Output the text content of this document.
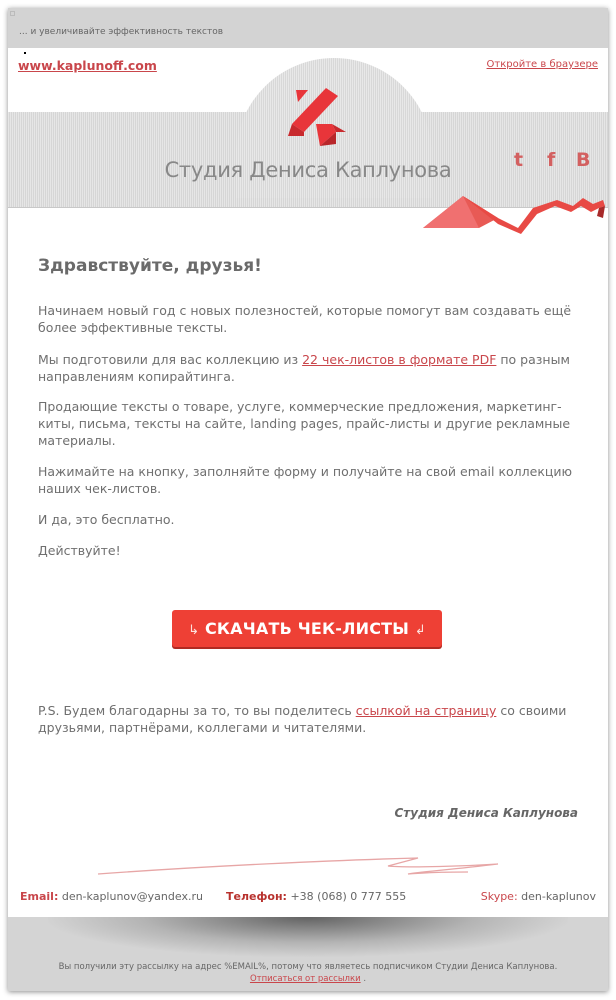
... и увеличивайте эффективность текстов
www.kaplunoff.com	Откройте в браузере
Студия Дениса Каплунова	t f B
Здравствуйте, друзья!

Начинаем новый год с новых полезностей, которые помогут вам создавать ещё более эффективные тексты.

Мы подготовили для вас коллекцию из 22 чек-листов в формате PDF по разным направлениям копирайтинга.

Продающие тексты о товаре, услуге, коммерческие предложения, маркетинг-киты, письма, тексты на сайте, landing pages, прайс-листы и другие рекламные материалы.

Нажимайте на кнопку, заполняйте форму и получайте на свой email коллекцию наших чек-листов.

И да, это бесплатно.

Действуйте!

↳ СКАЧАТЬ ЧЕК-ЛИСТЫ ↲

P.S. Будем благодарны за то, то вы поделитесь ссылкой на страницу со своими друзьями, партнёрами, коллегами и читателями.

Студия Дениса Каплунова
Email: den-kaplunov@yandex.ru Телефон: +38 (068) 0 777 555	Skype: den-kaplunov
Вы получили эту рассылку на адрес %EMAIL%, потому что являетесь подписчиком Студии Дениса Каплунова.
Отписаться от рассылки .
